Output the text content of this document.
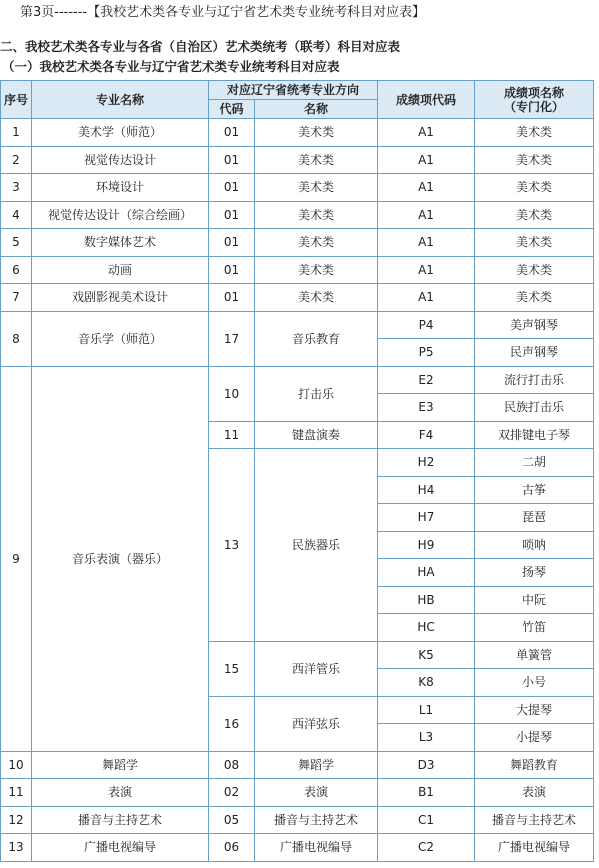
第3页-------【我校艺术类各专业与辽宁省艺术类专业统考科目对应表】
二、我校艺术类各专业与各省（自治区）艺术类统考（联考）科目对应表
（一）我校艺术类各专业与辽宁省艺术类专业统考科目对应表
序号	专业名称	对应辽宁省统考专业方向		成绩项代码	成绩项名称（专门化）
		代码	名称		
1	美术学（师范）	01	美术类	A1	美术类
2	视觉传达设计	01	美术类	A1	美术类
3	环境设计	01	美术类	A1	美术类
4	视觉传达设计（综合绘画）	01	美术类	A1	美术类
5	数字媒体艺术	01	美术类	A1	美术类
6	动画	01	美术类	A1	美术类
7	戏剧影视美术设计	01	美术类	A1	美术类
8	音乐学（师范）	17	音乐教育	P4	美声钢琴
				P5	民声钢琴
9	音乐表演（器乐）	10	打击乐	E2	流行打击乐
				E3	民族打击乐
		11	键盘演奏	F4	双排键电子琴
		13	民族器乐	H2	二胡
				H4	古筝
				H7	琵琶
				H9	唢呐
				HA	扬琴
				HB	中阮
				HC	竹笛
		15	西洋管乐	K5	单簧管
				K8	小号
		16	西洋弦乐	L1	大提琴
				L3	小提琴
10	舞蹈学	08	舞蹈学	D3	舞蹈教育
11	表演	02	表演	B1	表演
12	播音与主持艺术	05	播音与主持艺术	C1	播音与主持艺术
13	广播电视编导	06	广播电视编导	C2	广播电视编导
